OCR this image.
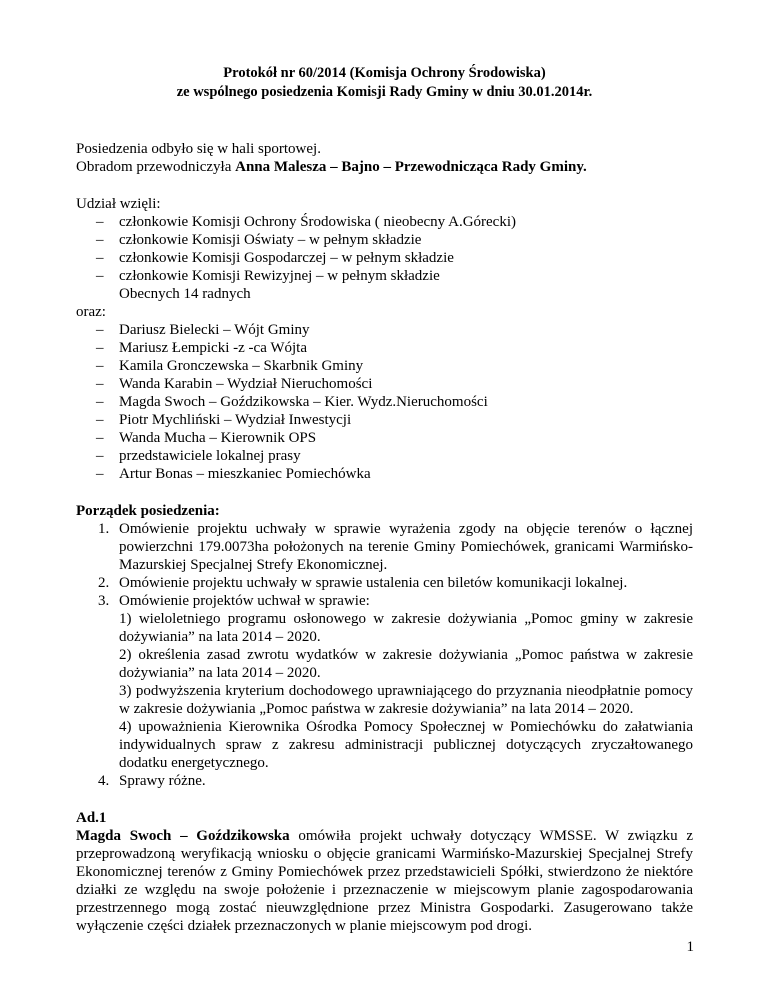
Protokół nr 60/2014 (Komisja Ochrony Środowiska)
ze wspólnego posiedzenia Komisji Rady Gminy w dniu 30.01.2014r.

Posiedzenia odbyło się w hali sportowej.

Obradom przewodniczyła Anna Malesza – Bajno – Przewodnicząca Rady Gminy.

Udział wzięli:

– członkowie Komisji Ochrony Środowiska ( nieobecny A.Górecki)
– członkowie Komisji Oświaty – w pełnym składzie
– członkowie Komisji Gospodarczej – w pełnym składzie
– członkowie Komisji Rewizyjnej – w pełnym składzie

Obecnych 14 radnych

oraz:

– Dariusz Bielecki – Wójt Gminy
– Mariusz Łempicki -z -ca Wójta
– Kamila Gronczewska – Skarbnik Gminy
– Wanda Karabin – Wydział Nieruchomości
– Magda Swoch – Goździkowska – Kier. Wydz.Nieruchomości
– Piotr Mychliński – Wydział Inwestycji
– Wanda Mucha – Kierownik OPS
– przedstawiciele lokalnej prasy
– Artur Bonas – mieszkaniec Pomiechówka

Porządek posiedzenia:

1. Omówienie projektu uchwały w sprawie wyrażenia zgody na objęcie terenów o łącznej powierzchni 179.0073ha położonych na terenie Gminy Pomiechówek, granicami Warmińsko-Mazurskiej Specjalnej Strefy Ekonomicznej.
2. Omówienie projektu uchwały w sprawie ustalenia cen biletów komunikacji lokalnej.
3. Omówienie projektów uchwał w sprawie:
1) wieloletniego programu osłonowego w zakresie dożywiania „Pomoc gminy w zakresie dożywiania” na lata 2014 – 2020.
2) określenia zasad zwrotu wydatków w zakresie dożywiania „Pomoc państwa w zakresie dożywiania” na lata 2014 – 2020.
3) podwyższenia kryterium dochodowego uprawniającego do przyznania nieodpłatnie pomocy w zakresie dożywiania „Pomoc państwa w zakresie dożywiania” na lata 2014 – 2020.
4) upoważnienia Kierownika Ośrodka Pomocy Społecznej w Pomiechówku do załatwiania indywidualnych spraw z zakresu administracji publicznej dotyczących zryczałtowanego dodatku energetycznego.
4. Sprawy różne.

Ad.1

Magda Swoch – Goździkowska omówiła projekt uchwały dotyczący WMSSE. W związku z przeprowadzoną weryfikacją wniosku o objęcie granicami Warmińsko-Mazurskiej Specjalnej Strefy Ekonomicznej terenów z Gminy Pomiechówek przez przedstawicieli Spółki, stwierdzono że niektóre działki ze względu na swoje położenie i przeznaczenie w miejscowym planie zagospodarowania przestrzennego mogą zostać nieuwzględnione przez Ministra Gospodarki. Zasugerowano także wyłączenie części działek przeznaczonych w planie miejscowym pod drogi.

1
